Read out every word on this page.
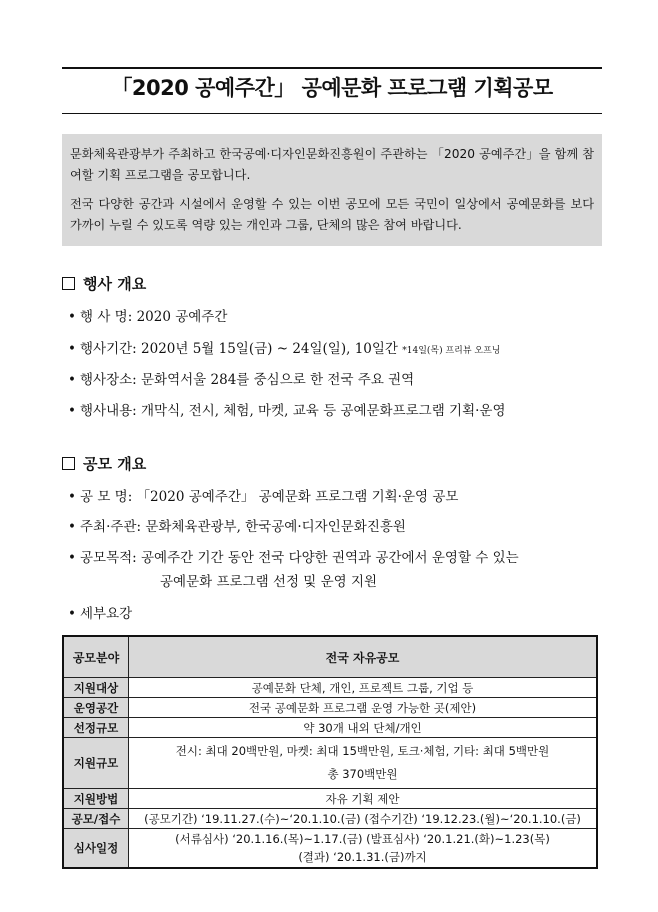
「2020 공예주간」 공예문화 프로그램 기획공모

문화체육관광부가 주최하고 한국공예·디자인문화진흥원이 주관하는 「2020 공예주간」을 함께 참여할 기획 프로그램을 공모합니다.

전국 다양한 공간과 시설에서 운영할 수 있는 이번 공모에 모든 국민이 일상에서 공예문화를 보다 가까이 누릴 수 있도록 역량 있는 개인과 그룹, 단체의 많은 참여 바랍니다.

행사 개요
• 행 사 명: 2020 공예주간
• 행사기간: 2020년 5월 15일(금) ~ 24일(일), 10일간 *14일(목) 프리뷰 오프닝
• 행사장소: 문화역서울 284를 중심으로 한 전국 주요 권역
• 행사내용: 개막식, 전시, 체험, 마켓, 교육 등 공예문화프로그램 기획·운영
공모 개요
• 공 모 명: 「2020 공예주간」 공예문화 프로그램 기획·운영 공모
• 주최·주관: 문화체육관광부, 한국공예·디자인문화진흥원
• 공모목적: 공예주간 기간 동안 전국 다양한 권역과 공간에서 운영할 수 있는
공예문화 프로그램 선정 및 운영 지원
• 세부요강
공모분야	전국 자유공모
지원대상	공예문화 단체, 개인, 프로젝트 그룹, 기업 등
운영공간	전국 공예문화 프로그램 운영 가능한 곳(제안)
선정규모	약 30개 내외 단체/개인
지원규모	전시: 최대 20백만원, 마켓: 최대 15백만원, 토크·체험, 기타: 최대 5백만원
총 370백만원

지원방법	자유 기획 제안
공모/접수	(공모기간) ‘19.11.27.(수)~‘20.1.10.(금) (접수기간) ‘19.12.23.(월)~‘20.1.10.(금)
심사일정	(서류심사) ‘20.1.16.(목)~1.17.(금) (발표심사) ‘20.1.21.(화)~1.23(목)
(결과) ‘20.1.31.(금)까지
